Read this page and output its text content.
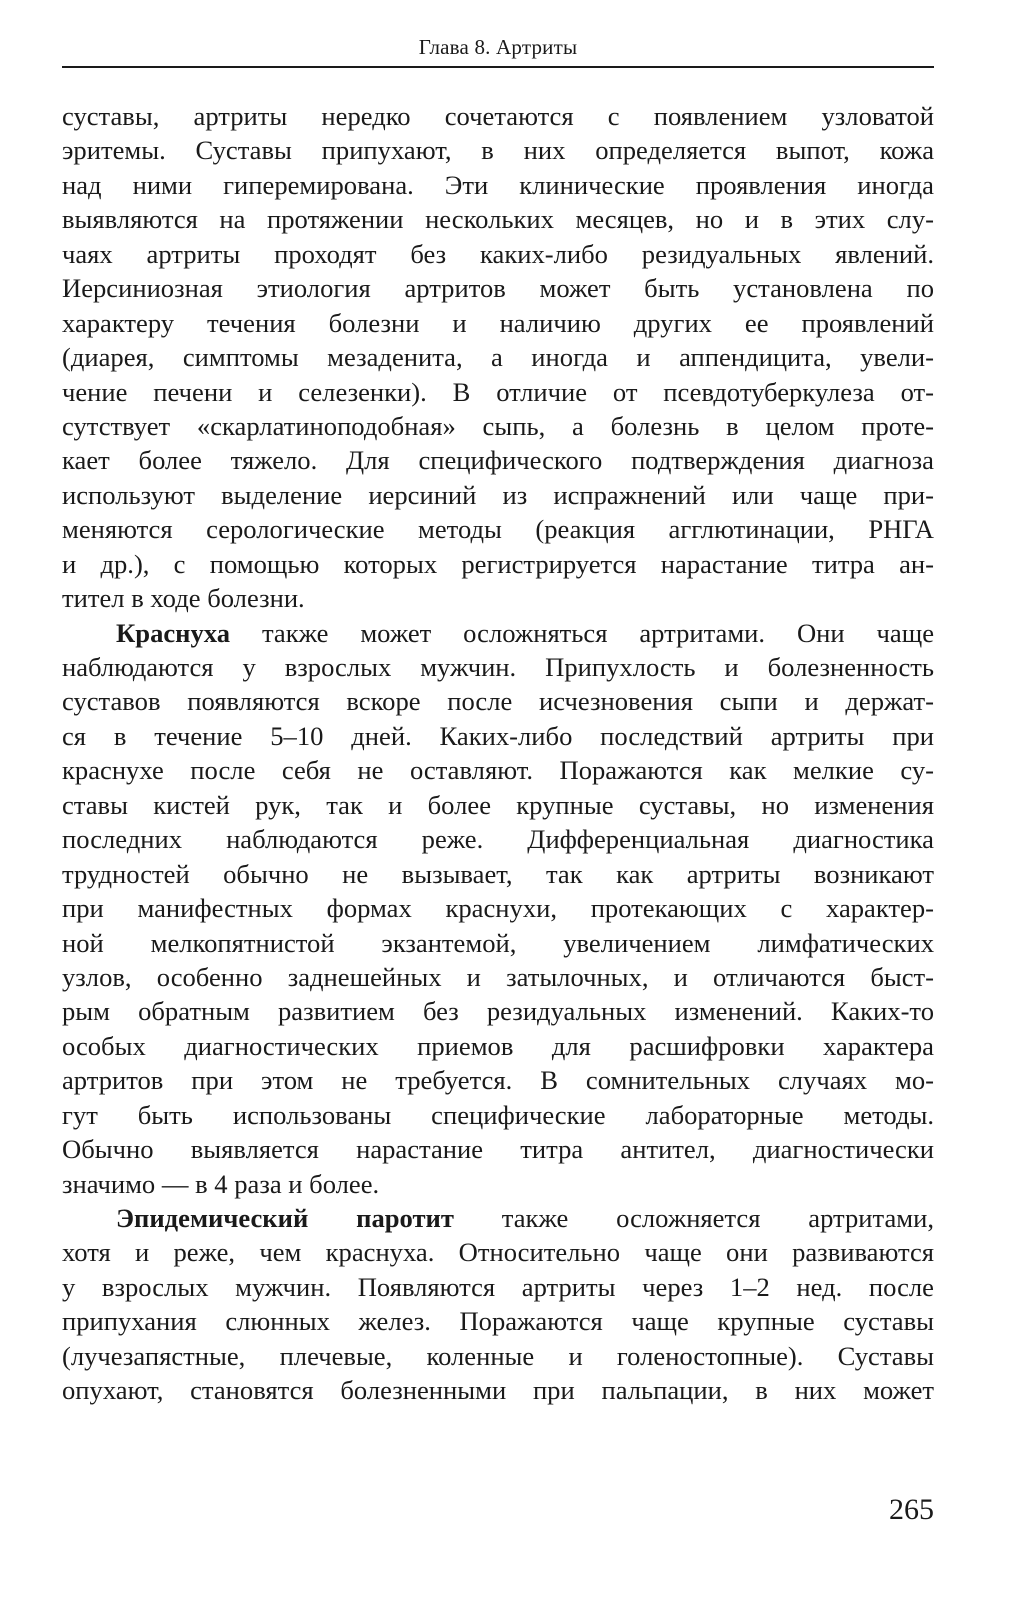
Глава 8. Артриты
суставы, артриты нередко сочетаются с появлением узловатой
эритемы. Суставы припухают, в них определяется выпот, кожа
над ними гиперемирована. Эти клинические проявления иногда
выявляются на протяжении нескольких месяцев, но и в этих слу-
чаях артриты проходят без каких-либо резидуальных явлений.
Иерсиниозная этиология артритов может быть установлена по
характеру течения болезни и наличию других ее проявлений
(диарея, симптомы мезаденита, а иногда и аппендицита, увели-
чение печени и селезенки). В отличие от псевдотуберкулеза от-
сутствует «скарлатиноподобная» сыпь, а болезнь в целом проте-
кает более тяжело. Для специфического подтверждения диагноза
используют выделение иерсиний из испражнений или чаще при-
меняются серологические методы (реакция агглютинации, РНГА
и др.), с помощью которых регистрируется нарастание титра ан-
тител в ходе болезни.
Краснуха также может осложняться артритами. Они чаще
наблюдаются у взрослых мужчин. Припухлость и болезненность
суставов появляются вскоре после исчезновения сыпи и держат-
ся в течение 5–10 дней. Каких-либо последствий артриты при
краснухе после себя не оставляют. Поражаются как мелкие су-
ставы кистей рук, так и более крупные суставы, но изменения
последних наблюдаются реже. Дифференциальная диагностика
трудностей обычно не вызывает, так как артриты возникают
при манифестных формах краснухи, протекающих с характер-
ной мелкопятнистой экзантемой, увеличением лимфатических
узлов, особенно заднешейных и затылочных, и отличаются быст-
рым обратным развитием без резидуальных изменений. Каких-то
особых диагностических приемов для расшифровки характера
артритов при этом не требуется. В сомнительных случаях мо-
гут быть использованы специфические лабораторные методы.
Обычно выявляется нарастание титра антител, диагностически
значимо — в 4 раза и более.
Эпидемический паротит также осложняется артритами,
хотя и реже, чем краснуха. Относительно чаще они развиваются
у взрослых мужчин. Появляются артриты через 1–2 нед. после
припухания слюнных желез. Поражаются чаще крупные суставы
(лучезапястные, плечевые, коленные и голеностопные). Суставы
опухают, становятся болезненными при пальпации, в них может
265
